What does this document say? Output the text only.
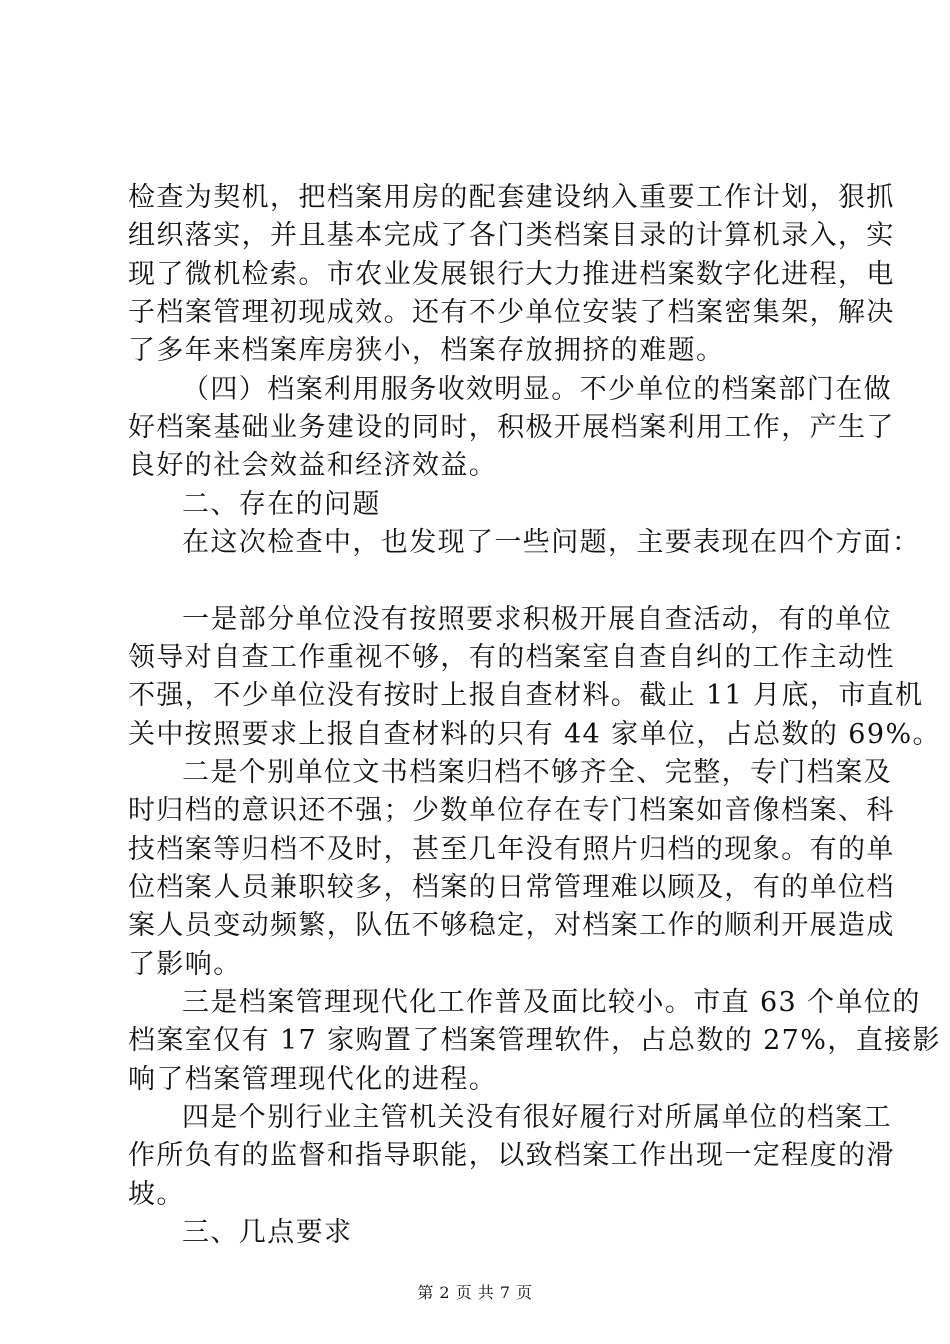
检查为契机，把档案用房的配套建设纳入重要工作计划，狠抓
组织落实，并且基本完成了各门类档案目录的计算机录入，实
现了微机检索。市农业发展银行大力推进档案数字化进程，电
子档案管理初现成效。还有不少单位安装了档案密集架，解决
了多年来档案库房狭小，档案存放拥挤的难题。
（四）档案利用服务收效明显。不少单位的档案部门在做
好档案基础业务建设的同时，积极开展档案利用工作，产生了
良好的社会效益和经济效益。
二、存在的问题
在这次检查中，也发现了一些问题，主要表现在四个方面：
一是部分单位没有按照要求积极开展自查活动，有的单位
领导对自查工作重视不够，有的档案室自查自纠的工作主动性
不强，不少单位没有按时上报自查材料。截止 11 月底，市直机
关中按照要求上报自查材料的只有 44 家单位，占总数的 69%。
二是个别单位文书档案归档不够齐全、完整，专门档案及
时归档的意识还不强；少数单位存在专门档案如音像档案、科
技档案等归档不及时，甚至几年没有照片归档的现象。有的单
位档案人员兼职较多，档案的日常管理难以顾及，有的单位档
案人员变动频繁，队伍不够稳定，对档案工作的顺利开展造成
了影响。
三是档案管理现代化工作普及面比较小。市直 63 个单位的
档案室仅有 17 家购置了档案管理软件，占总数的 27%，直接影
响了档案管理现代化的进程。
四是个别行业主管机关没有很好履行对所属单位的档案工
作所负有的监督和指导职能，以致档案工作出现一定程度的滑
坡。
三、几点要求
第 2 页 共 7 页
